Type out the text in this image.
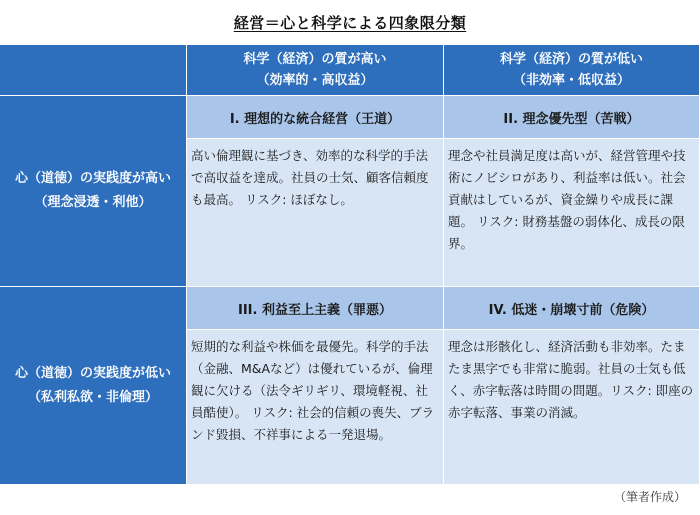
経営＝心と科学による四象限分類
科学（経済）の質が高い
（効率的・高収益）
科学（経済）の質が低い
（非効率・低収益）
心（道徳）の実践度が高い
（理念浸透・利他）
I. 理想的な統合経営（王道）
高い倫理観に基づき、効率的な科学的手法で高収益を達成。社員の士気、顧客信頼度も最高。 リスク: ほぼなし。
II. 理念優先型（苦戦）
理念や社員満足度は高いが、経営管理や技術にノビシロがあり、利益率は低い。社会貢献はしているが、資金繰りや成長に課題。 リスク: 財務基盤の弱体化、成長の限界。
心（道徳）の実践度が低い
（私利私欲・非倫理）
III. 利益至上主義（罪悪）
短期的な利益や株価を最優先。科学的手法（金融、M&Aなど）は優れているが、倫理観に欠ける（法令ギリギリ、環境軽視、社員酷使）。 リスク: 社会的信頼の喪失、ブランド毀損、不祥事による一発退場。
IV. 低迷・崩壊寸前（危険）
理念は形骸化し、経済活動も非効率。たまたま黒字でも非常に脆弱。社員の士気も低く、赤字転落は時間の問題。リスク: 即座の赤字転落、事業の消滅。
（筆者作成）
